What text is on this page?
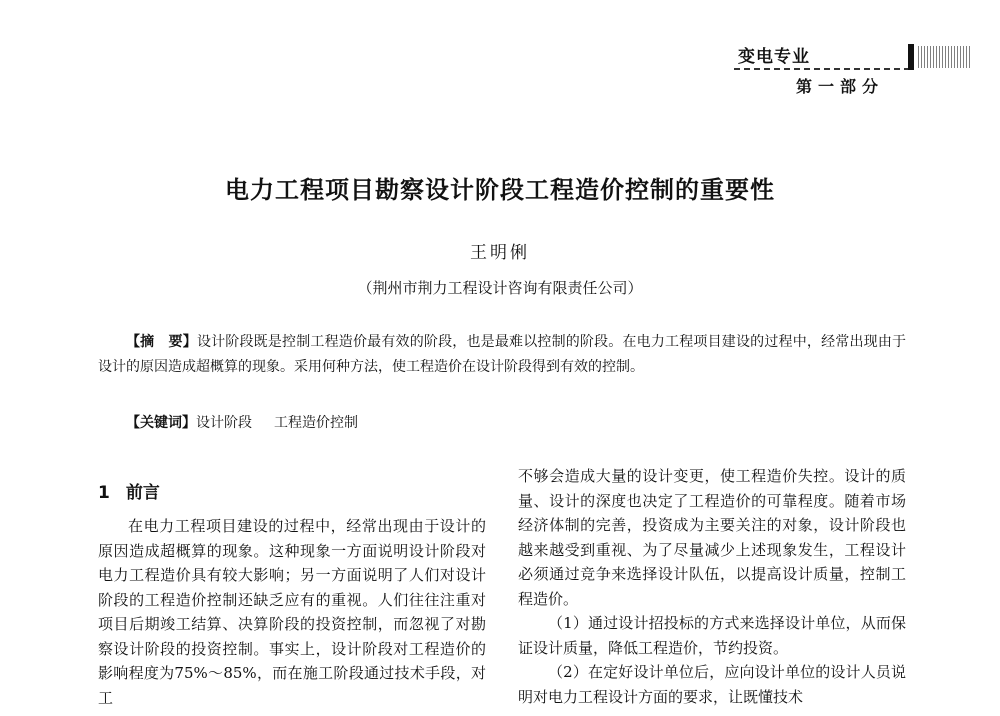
变电专业
第一部分
电力工程项目勘察设计阶段工程造价控制的重要性
王明俐
（荆州市荆力工程设计咨询有限责任公司）
【摘　要】设计阶段既是控制工程造价最有效的阶段，也是最难以控制的阶段。在电力工程项目建设的过程中，经常出现由于设计的原因造成超概算的现象。采用何种方法，使工程造价在设计阶段得到有效的控制。
【关键词】设计阶段 工程造价控制
1 前言

在电力工程项目建设的过程中，经常出现由于设计的原因造成超概算的现象。这种现象一方面说明设计阶段对电力工程造价具有较大影响；另一方面说明了人们对设计阶段的工程造价控制还缺乏应有的重视。人们往往注重对项目后期竣工结算、决算阶段的投资控制，而忽视了对勘察设计阶段的投资控制。事实上，设计阶段对工程造价的影响程度为75%～85%，而在施工阶段通过技术手段，对工

不够会造成大量的设计变更，使工程造价失控。设计的质量、设计的深度也决定了工程造价的可靠程度。随着市场经济体制的完善，投资成为主要关注的对象，设计阶段也越来越受到重视、为了尽量减少上述现象发生，工程设计必须通过竞争来选择设计队伍，以提高设计质量，控制工程造价。

（1）通过设计招投标的方式来选择设计单位，从而保证设计质量，降低工程造价，节约投资。

（2）在定好设计单位后，应向设计单位的设计人员说明对电力工程设计方面的要求，让既懂技术
